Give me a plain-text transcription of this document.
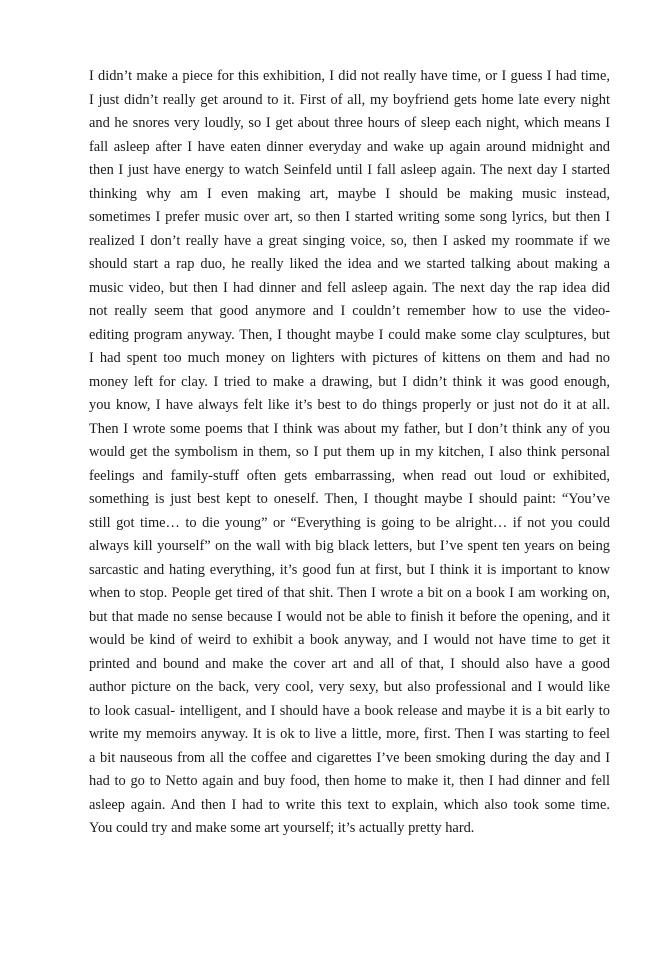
I didn’t make a piece for this exhibition, I did not really have time, or I guess I had time,
I just didn’t really get around to it. First of all, my boyfriend gets home late every night
and he snores very loudly, so I get about three hours of sleep each night, which means I
fall asleep after I have eaten dinner everyday and wake up again around midnight and
then I just have energy to watch Seinfeld until I fall asleep again. The next day I started
thinking why am I even making art, maybe I should be making music instead,
sometimes I prefer music over art, so then I started writing some song lyrics, but then I
realized I don’t really have a great singing voice, so, then I asked my roommate if we
should start a rap duo, he really liked the idea and we started talking about making a
music video, but then I had dinner and fell asleep again. The next day the rap idea did
not really seem that good anymore and I couldn’t remember how to use the video-
editing program anyway. Then, I thought maybe I could make some clay sculptures, but
I had spent too much money on lighters with pictures of kittens on them and had no
money left for clay. I tried to make a drawing, but I didn’t think it was good enough,
you know, I have always felt like it’s best to do things properly or just not do it at all.
Then I wrote some poems that I think was about my father, but I don’t think any of you
would get the symbolism in them, so I put them up in my kitchen, I also think personal
feelings and family-stuff often gets embarrassing, when read out loud or exhibited,
something is just best kept to oneself. Then, I thought maybe I should paint: “You’ve
still got time… to die young” or “Everything is going to be alright… if not you could
always kill yourself” on the wall with big black letters, but I’ve spent ten years on being
sarcastic and hating everything, it’s good fun at first, but I think it is important to know
when to stop. People get tired of that shit. Then I wrote a bit on a book I am working on,
but that made no sense because I would not be able to finish it before the opening, and it
would be kind of weird to exhibit a book anyway, and I would not have time to get it
printed and bound and make the cover art and all of that, I should also have a good
author picture on the back, very cool, very sexy, but also professional and I would like
to look casual- intelligent, and I should have a book release and maybe it is a bit early to
write my memoirs anyway. It is ok to live a little, more, first. Then I was starting to feel
a bit nauseous from all the coffee and cigarettes I’ve been smoking during the day and I
had to go to Netto again and buy food, then home to make it, then I had dinner and fell
asleep again. And then I had to write this text to explain, which also took some time.
You could try and make some art yourself; it’s actually pretty hard.
